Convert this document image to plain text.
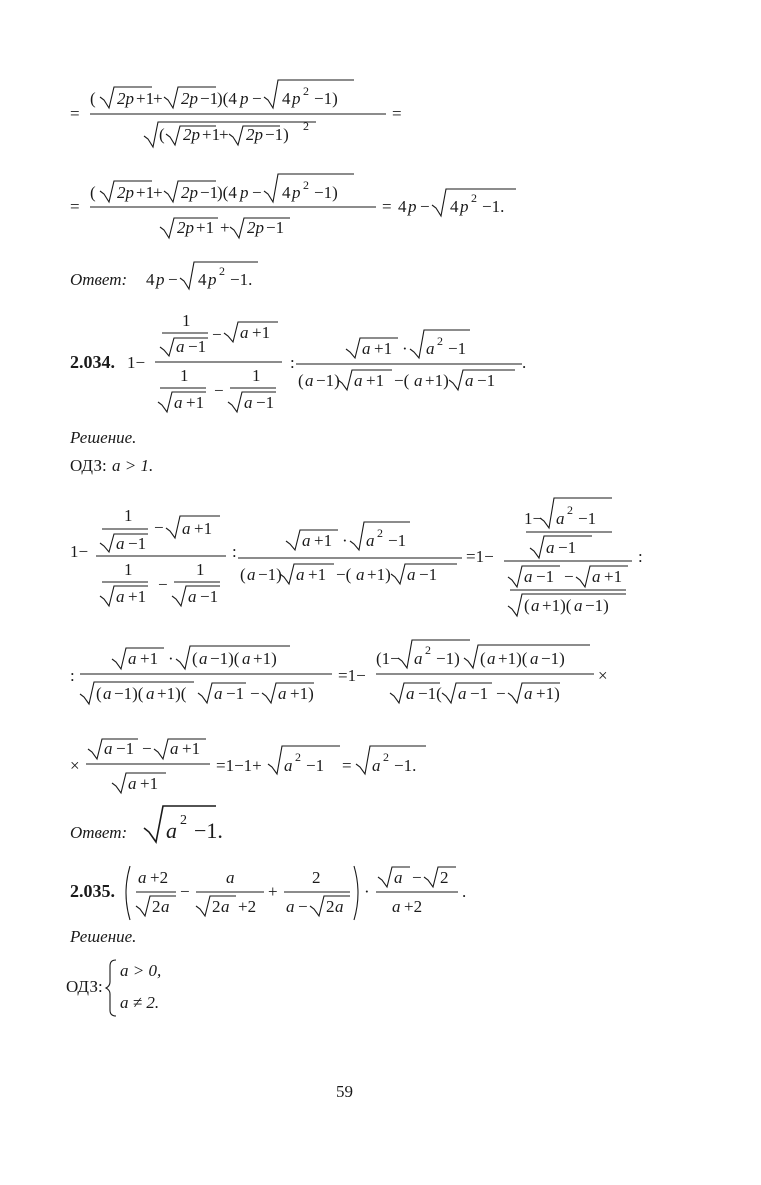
=
( 2p +1
+ 2p −1
)(4 p − 4 p 2 −1)
( 2p +1
+ 2p −1) 2
=
=
( 2p +1
+ 2p −1
)(4 p − 4 p 2 −1)
2p +1 + 2p −1
= 4 p − 4 p 2 −1.
Ответ: 4 p − 4 p 2 −1.
2.034. 1−
1
a −1
− a +1
1
a +1
−
1
a −1
:
a +1 · a 2 −1
( a −1) a +1 −( a +1) a −1
.
Решение.
ОДЗ: a > 1.
1−
1
a −1
− a +1
1
a +1
−
1
a −1
:
a +1 · a 2 −1
( a −1) a +1 −( a +1) a −1
=1−
1− a 2 −1
a −1
a −1 − a +1
( a +1)( a −1)
:
:
a +1 · ( a −1)( a +1)
( a −1)( a +1)( a −1 − a +1)
=1−
(1− a 2 −1) ( a +1)( a −1)
a −1( a −1 − a +1)
×
×
a −1 − a +1
a +1
=1−1+ a 2 −1 = a 2 −1.
Ответ: a 2 −1.
2.035.
a +2
2 a
−
a
2 a +2
+
2
a − 2 a
·
a − 2
a +2
.
Решение.
ОДЗ:
a > 0,
a ≠ 2.
59
